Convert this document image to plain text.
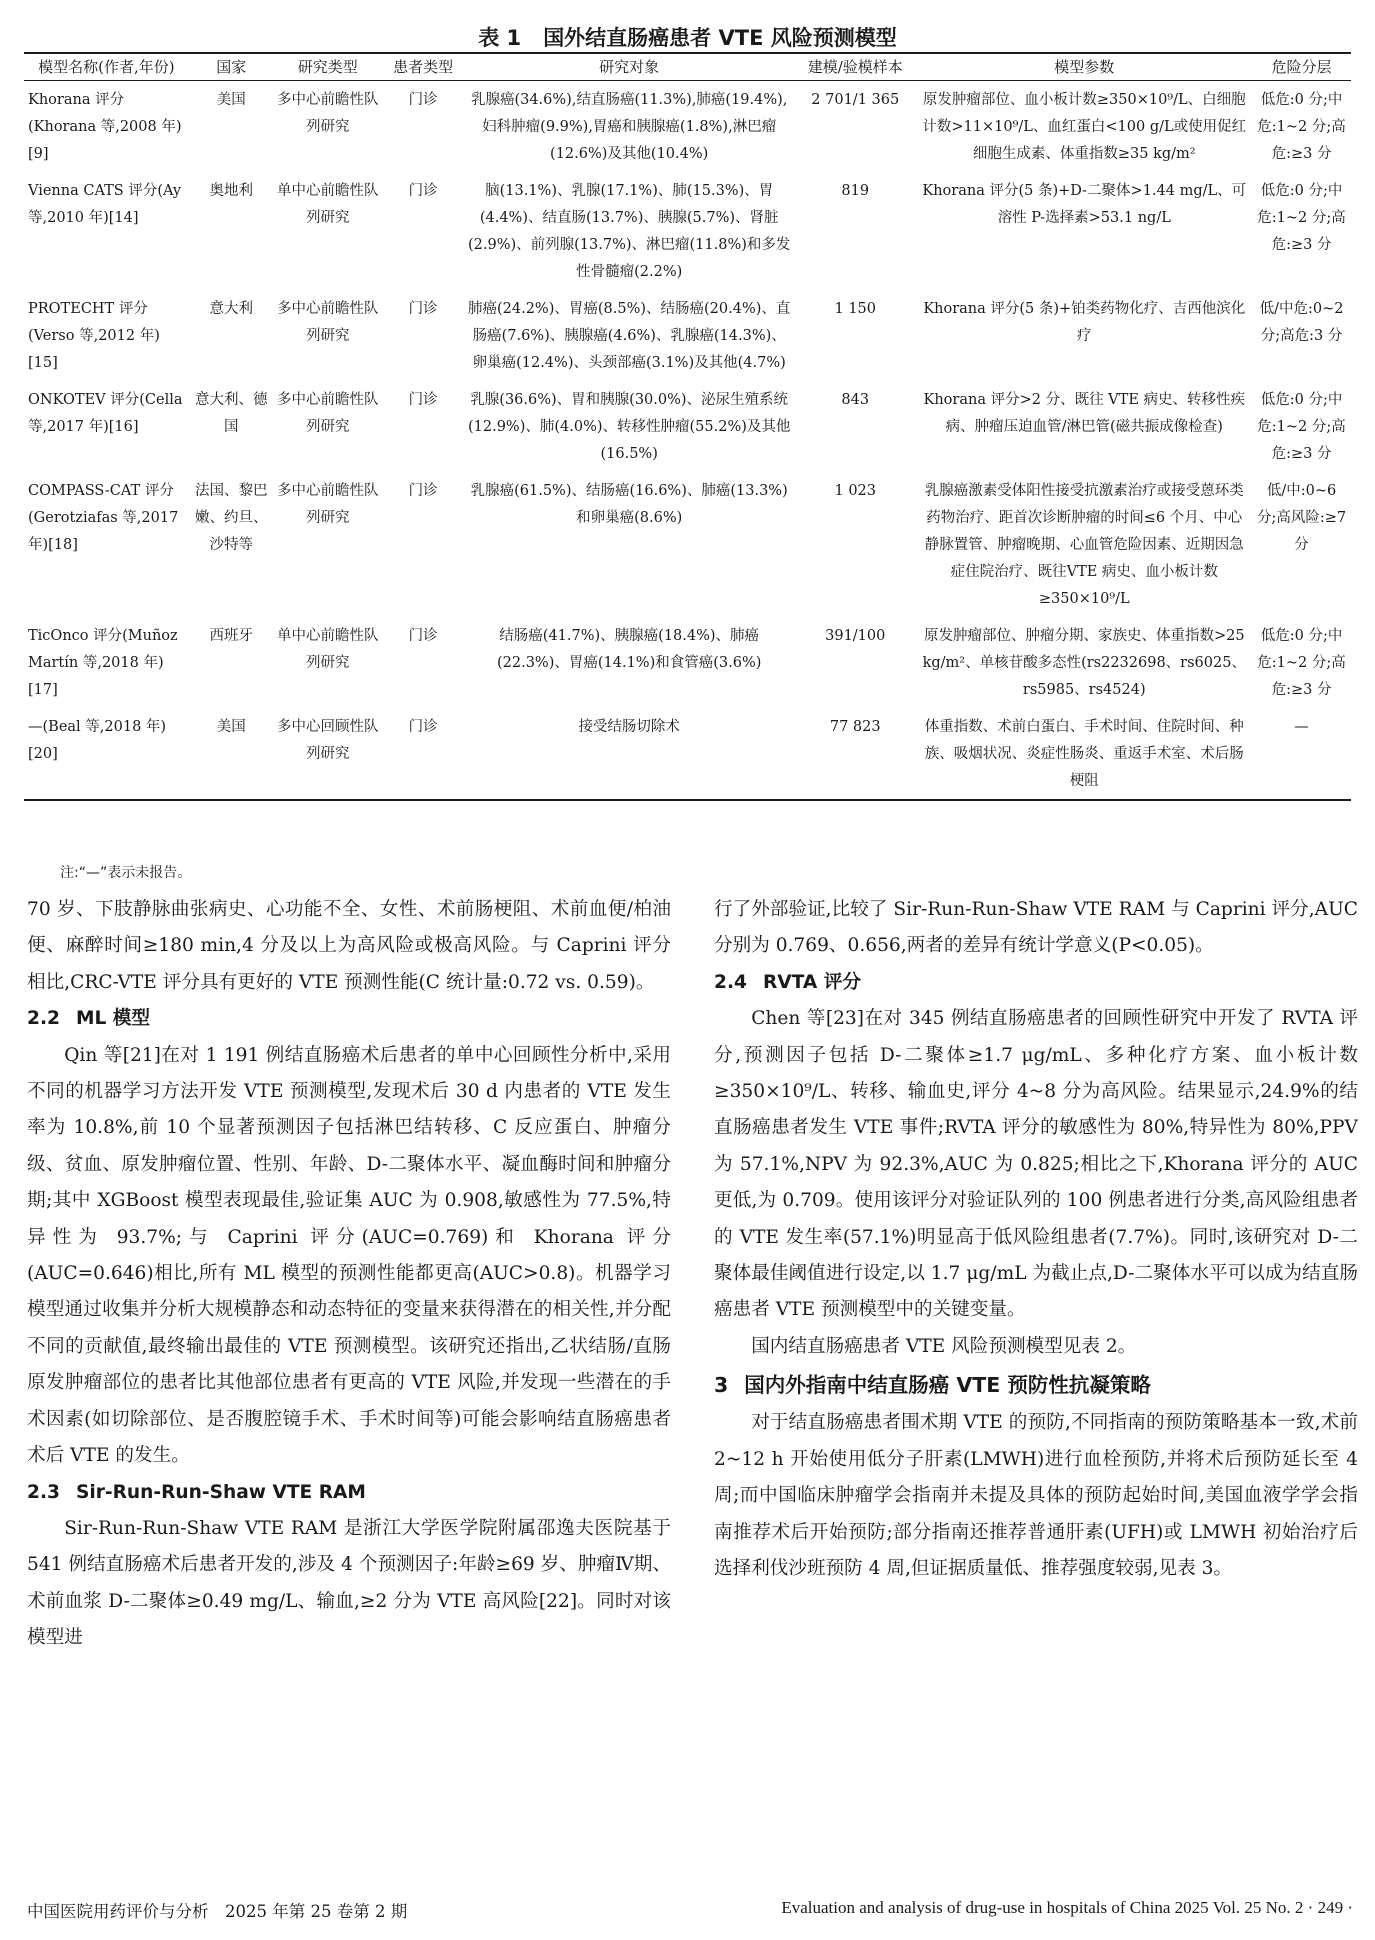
表 1 国外结直肠癌患者 VTE 风险预测模型
模型名称(作者,年份)	国家	研究类型	患者类型	研究对象	建模/验模样本	模型参数	危险分层
Khorana 评分(Khorana 等,2008 年)[9]	美国	多中心前瞻性队列研究	门诊	乳腺癌(34.6%),结直肠癌(11.3%),肺癌(19.4%),妇科肿瘤(9.9%),胃癌和胰腺癌(1.8%),淋巴瘤(12.6%)及其他(10.4%)	2 701/1 365	原发肿瘤部位、血小板计数≥350×10⁹/L、白细胞计数>11×10⁹/L、血红蛋白<100 g/L或使用促红细胞生成素、体重指数≥35 kg/m²	低危:0 分;中危:1~2 分;高危:≥3 分
Vienna CATS 评分(Ay 等,2010 年)[14]	奥地利	单中心前瞻性队列研究	门诊	脑(13.1%)、乳腺(17.1%)、肺(15.3%)、胃(4.4%)、结直肠(13.7%)、胰腺(5.7%)、肾脏(2.9%)、前列腺(13.7%)、淋巴瘤(11.8%)和多发性骨髓瘤(2.2%)	819	Khorana 评分(5 条)+D-二聚体>1.44 mg/L、可溶性 P-选择素>53.1 ng/L	低危:0 分;中危:1~2 分;高危:≥3 分
PROTECHT 评分(Verso 等,2012 年)[15]	意大利	多中心前瞻性队列研究	门诊	肺癌(24.2%)、胃癌(8.5%)、结肠癌(20.4%)、直肠癌(7.6%)、胰腺癌(4.6%)、乳腺癌(14.3%)、卵巢癌(12.4%)、头颈部癌(3.1%)及其他(4.7%)	1 150	Khorana 评分(5 条)+铂类药物化疗、吉西他滨化疗	低/中危:0~2 分;高危:3 分
ONKOTEV 评分(Cella 等,2017 年)[16]	意大利、德国	多中心前瞻性队列研究	门诊	乳腺(36.6%)、胃和胰腺(30.0%)、泌尿生殖系统(12.9%)、肺(4.0%)、转移性肿瘤(55.2%)及其他(16.5%)	843	Khorana 评分>2 分、既往 VTE 病史、转移性疾病、肿瘤压迫血管/淋巴管(磁共振成像检查)	低危:0 分;中危:1~2 分;高危:≥3 分
COMPASS-CAT 评分(Gerotziafas 等,2017 年)[18]	法国、黎巴嫩、约旦、沙特等	多中心前瞻性队列研究	门诊	乳腺癌(61.5%)、结肠癌(16.6%)、肺癌(13.3%)和卵巢癌(8.6%)	1 023	乳腺癌激素受体阳性接受抗激素治疗或接受蒽环类药物治疗、距首次诊断肿瘤的时间≤6 个月、中心静脉置管、肿瘤晚期、心血管危险因素、近期因急症住院治疗、既往VTE 病史、血小板计数≥350×10⁹/L	低/中:0~6 分;高风险:≥7 分
TicOnco 评分(Muñoz Martín 等,2018 年)[17]	西班牙	单中心前瞻性队列研究	门诊	结肠癌(41.7%)、胰腺癌(18.4%)、肺癌(22.3%)、胃癌(14.1%)和食管癌(3.6%)	391/100	原发肿瘤部位、肿瘤分期、家族史、体重指数>25 kg/m²、单核苷酸多态性(rs2232698、rs6025、rs5985、rs4524)	低危:0 分;中危:1~2 分;高危:≥3 分
—(Beal 等,2018 年)[20]	美国	多中心回顾性队列研究	门诊	接受结肠切除术	77 823	体重指数、术前白蛋白、手术时间、住院时间、种族、吸烟状况、炎症性肠炎、重返手术室、术后肠梗阻	—
注:“—”表示未报告。

70 岁、下肢静脉曲张病史、心功能不全、女性、术前肠梗阻、术前血便/柏油便、麻醉时间≥180 min,4 分及以上为高风险或极高风险。与 Caprini 评分相比,CRC-VTE 评分具有更好的 VTE 预测性能(C 统计量:0.72 vs. 0.59)。

2.2 ML 模型

Qin 等[21]在对 1 191 例结直肠癌术后患者的单中心回顾性分析中,采用不同的机器学习方法开发 VTE 预测模型,发现术后 30 d 内患者的 VTE 发生率为 10.8%,前 10 个显著预测因子包括淋巴结转移、C 反应蛋白、肿瘤分级、贫血、原发肿瘤位置、性别、年龄、D-二聚体水平、凝血酶时间和肿瘤分期;其中 XGBoost 模型表现最佳,验证集 AUC 为 0.908,敏感性为 77.5%,特异性为 93.7%;与 Caprini 评分(AUC=0.769)和 Khorana 评分(AUC=0.646)相比,所有 ML 模型的预测性能都更高(AUC>0.8)。机器学习模型通过收集并分析大规模静态和动态特征的变量来获得潜在的相关性,并分配不同的贡献值,最终输出最佳的 VTE 预测模型。该研究还指出,乙状结肠/直肠原发肿瘤部位的患者比其他部位患者有更高的 VTE 风险,并发现一些潜在的手术因素(如切除部位、是否腹腔镜手术、手术时间等)可能会影响结直肠癌患者术后 VTE 的发生。

2.3 Sir-Run-Run-Shaw VTE RAM

Sir-Run-Run-Shaw VTE RAM 是浙江大学医学院附属邵逸夫医院基于 541 例结直肠癌术后患者开发的,涉及 4 个预测因子:年龄≥69 岁、肿瘤Ⅳ期、术前血浆 D-二聚体≥0.49 mg/L、输血,≥2 分为 VTE 高风险[22]。同时对该模型进

行了外部验证,比较了 Sir-Run-Run-Shaw VTE RAM 与 Caprini 评分,AUC 分别为 0.769、0.656,两者的差异有统计学意义(P<0.05)。

2.4 RVTA 评分

Chen 等[23]在对 345 例结直肠癌患者的回顾性研究中开发了 RVTA 评分,预测因子包括 D-二聚体≥1.7 μg/mL、多种化疗方案、血小板计数≥350×10⁹/L、转移、输血史,评分 4~8 分为高风险。结果显示,24.9%的结直肠癌患者发生 VTE 事件;RVTA 评分的敏感性为 80%,特异性为 80%,PPV 为 57.1%,NPV 为 92.3%,AUC 为 0.825;相比之下,Khorana 评分的 AUC 更低,为 0.709。使用该评分对验证队列的 100 例患者进行分类,高风险组患者的 VTE 发生率(57.1%)明显高于低风险组患者(7.7%)。同时,该研究对 D-二聚体最佳阈值进行设定,以 1.7 μg/mL 为截止点,D-二聚体水平可以成为结直肠癌患者 VTE 预测模型中的关键变量。

国内结直肠癌患者 VTE 风险预测模型见表 2。

3 国内外指南中结直肠癌 VTE 预防性抗凝策略

对于结直肠癌患者围术期 VTE 的预防,不同指南的预防策略基本一致,术前 2~12 h 开始使用低分子肝素(LMWH)进行血栓预防,并将术后预防延长至 4 周;而中国临床肿瘤学会指南并未提及具体的预防起始时间,美国血液学学会指南推荐术后开始预防;部分指南还推荐普通肝素(UFH)或 LMWH 初始治疗后选择利伐沙班预防 4 周,但证据质量低、推荐强度较弱,见表 3。

中国医院用药评价与分析　2025 年第 25 卷第 2 期	Evaluation and analysis of drug-use in hospitals of China 2025 Vol. 25 No. 2 · 249 ·
